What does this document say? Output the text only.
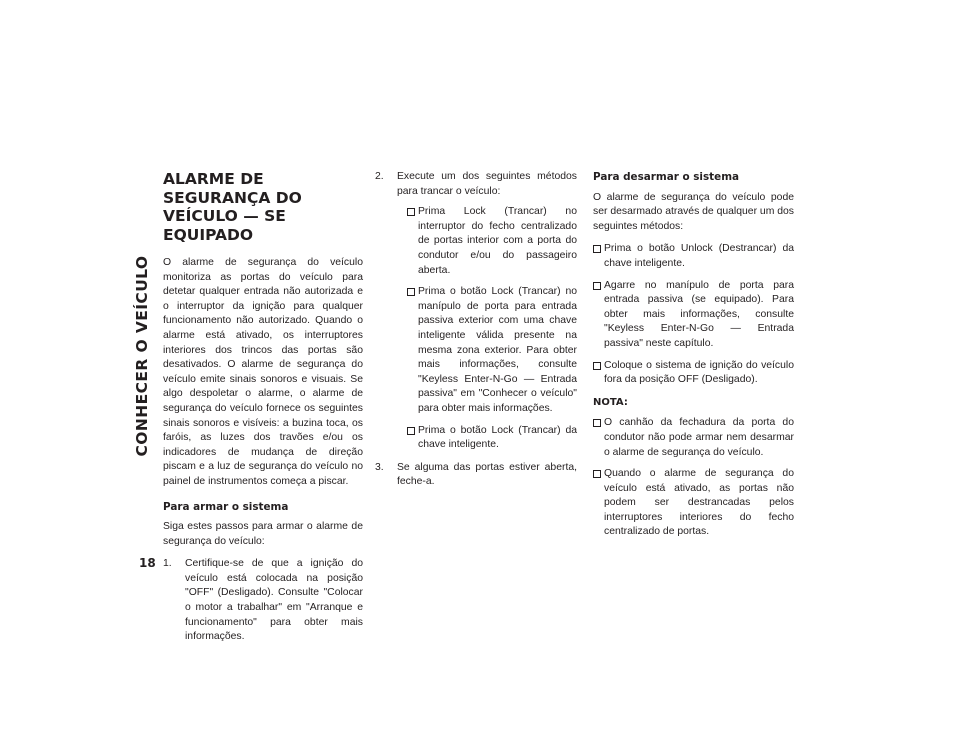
CONHECER O VEÍCULO
18
ALARME DE SEGURANÇA DO VEÍCULO — SE EQUIPADO

O alarme de segurança do veículo monitoriza as portas do veículo para detetar qualquer entrada não autorizada e o interruptor da ignição para qualquer funcionamento não autorizado. Quando o alarme está ativado, os interruptores interiores dos trincos das portas são desativados. O alarme de segurança do veículo emite sinais sonoros e visuais. Se algo despoletar o alarme, o alarme de segurança do veículo fornece os seguintes sinais sonoros e visíveis: a buzina toca, os faróis, as luzes dos travões e/ou os indicadores de mudança de direção piscam e a luz de segurança do veículo no painel de instrumentos começa a piscar.

Para armar o sistema

Siga estes passos para armar o alarme de segurança do veículo:

1. Certifique-se de que a ignição do veículo está colocada na posição "OFF" (Desligado). Consulte "Colocar o motor a trabalhar" em "Arranque e funcionamento" para obter mais informações.
2. Execute um dos seguintes métodos para trancar o veículo:
Prima Lock (Trancar) no interruptor do fecho centralizado de portas interior com a porta do condutor e/ou do passageiro aberta.
Prima o botão Lock (Trancar) no manípulo de porta para entrada passiva exterior com uma chave inteligente válida presente na mesma zona exterior. Para obter mais informações, consulte "Keyless Enter-N-Go — Entrada passiva" em "Conhecer o veículo" para obter mais informações.
Prima o botão Lock (Trancar) da chave inteligente.
3. Se alguma das portas estiver aberta, feche-a.
Para desarmar o sistema

O alarme de segurança do veículo pode ser desarmado através de qualquer um dos seguintes métodos:

Prima o botão Unlock (Destrancar) da chave inteligente.
Agarre no manípulo de porta para entrada passiva (se equipado). Para obter mais informações, consulte "Keyless Enter-N-Go — Entrada passiva" neste capítulo.
Coloque o sistema de ignição do veículo fora da posição OFF (Desligado).
NOTA:
O canhão da fechadura da porta do condutor não pode armar nem desarmar o alarme de segurança do veículo.
Quando o alarme de segurança do veículo está ativado, as portas não podem ser destrancadas pelos interruptores interiores do fecho centralizado de portas.
